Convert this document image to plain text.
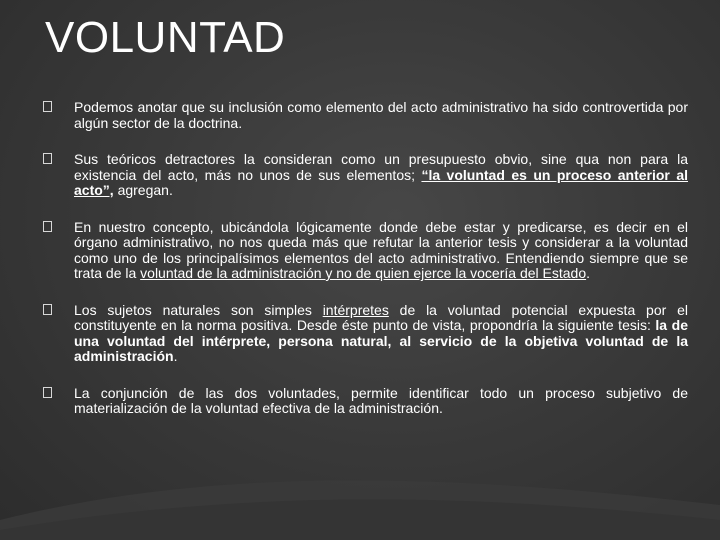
VOLUNTAD
Podemos anotar que su inclusión como elemento del acto administrativo ha sido controvertida por algún sector de la doctrina.
Sus teóricos detractores la consideran como un presupuesto obvio, sine qua non para la existencia del acto, más no unos de sus elementos; “la voluntad es un proceso anterior al acto”, agregan.
En nuestro concepto, ubicándola lógicamente donde debe estar y predicarse, es decir en el órgano administrativo, no nos queda más que refutar la anterior tesis y considerar a la voluntad como uno de los principalísimos elementos del acto administrativo. Entendiendo siempre que se trata de la voluntad de la administración y no de quien ejerce la vocería del Estado.
Los sujetos naturales son simples intérpretes de la voluntad potencial expuesta por el constituyente en la norma positiva. Desde éste punto de vista, propondría la siguiente tesis: la de una voluntad del intérprete, persona natural, al servicio de la objetiva voluntad de la administración.
La conjunción de las dos voluntades, permite identificar todo un proceso subjetivo de materialización de la voluntad efectiva de la administración.
